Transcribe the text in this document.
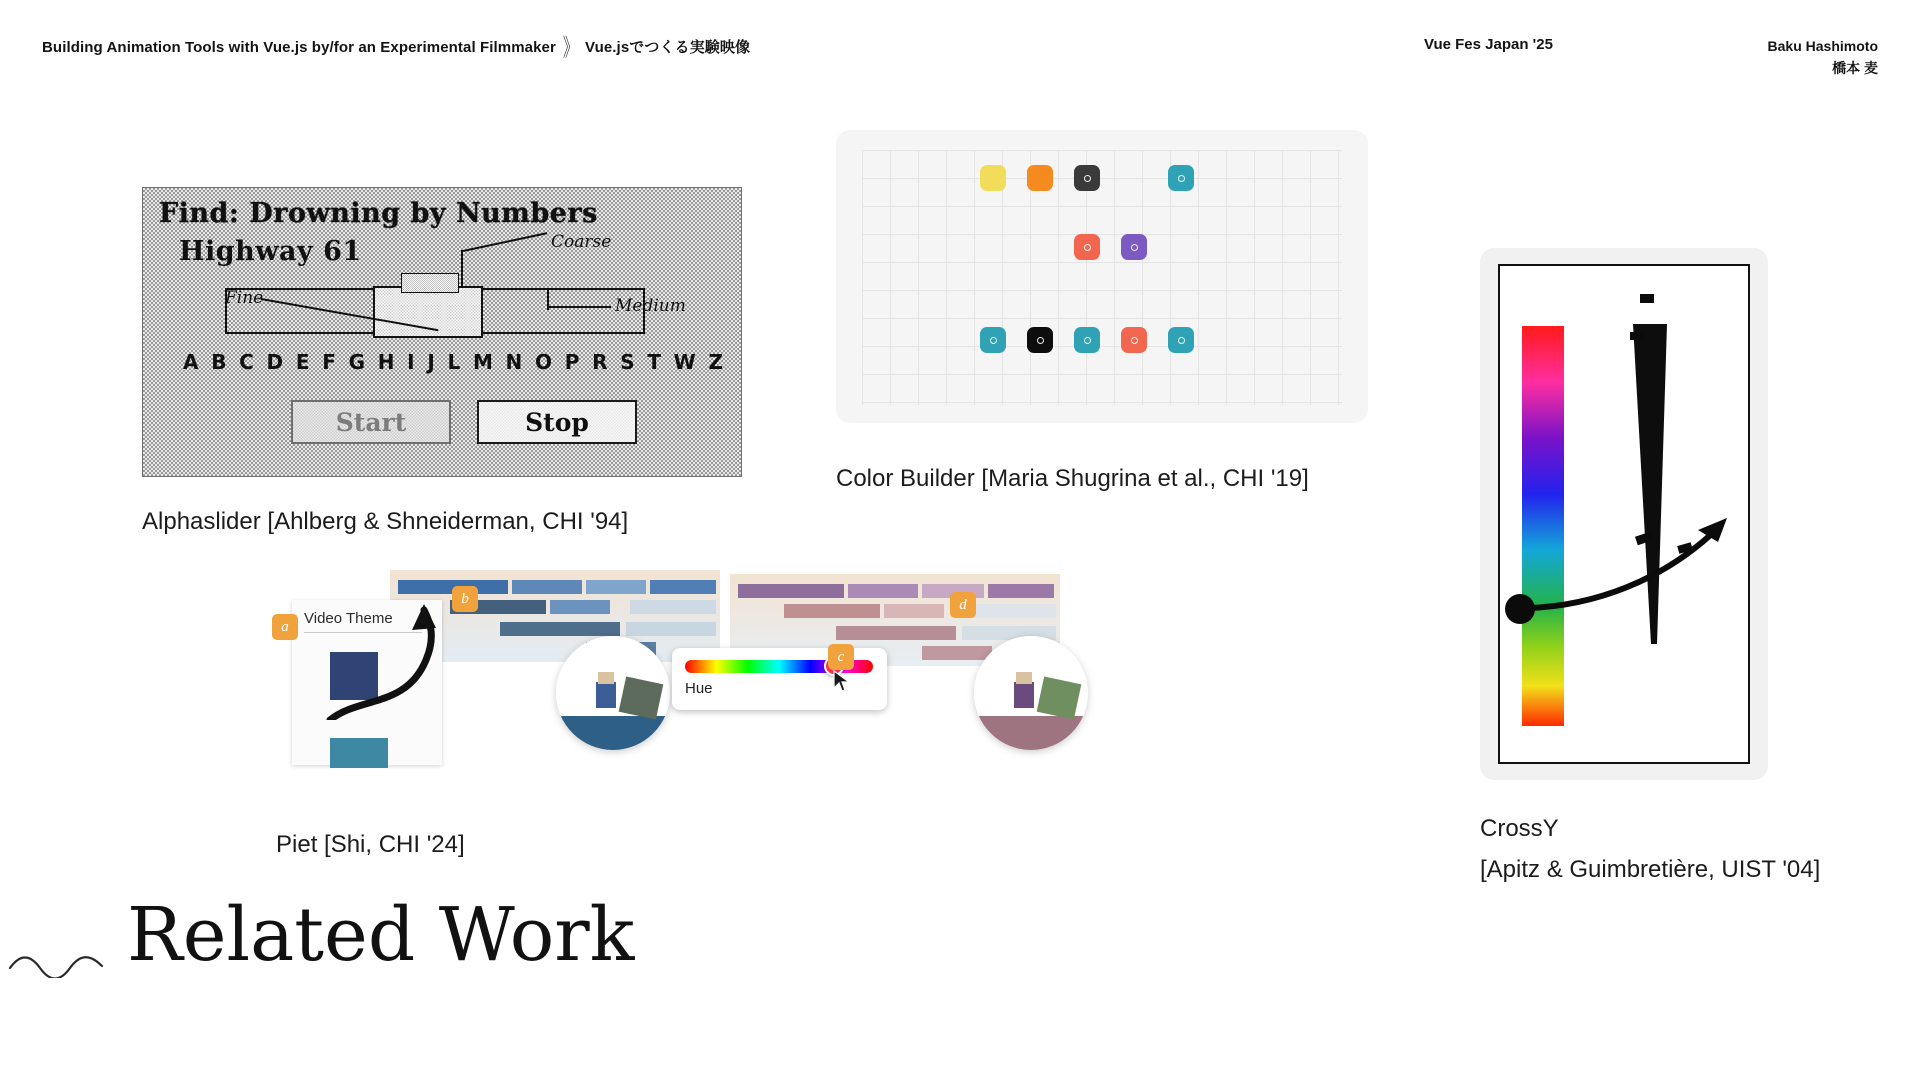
Building Animation Tools with Vue.js by/for an Experimental Filmmaker 》 Vue.jsでつくる実験映像	Vue Fes Japan '25	Baku Hashimoto
橋本 麦
Find: Drowning by Numbers
Highway 61	Coarse
Fine	Medium
A B C D E F G H I J L M N O P R S T W Z
Start	Stop
Alphaslider [Ahlberg & Shneiderman, CHI '94]
Color Builder [Maria Shugrina et al., CHI '19]
b	d
Video Theme
a
Hue
c
Piet [Shi, CHI '24]
CrossY
[Apitz & Guimbretière, UIST '04]
Related Work
